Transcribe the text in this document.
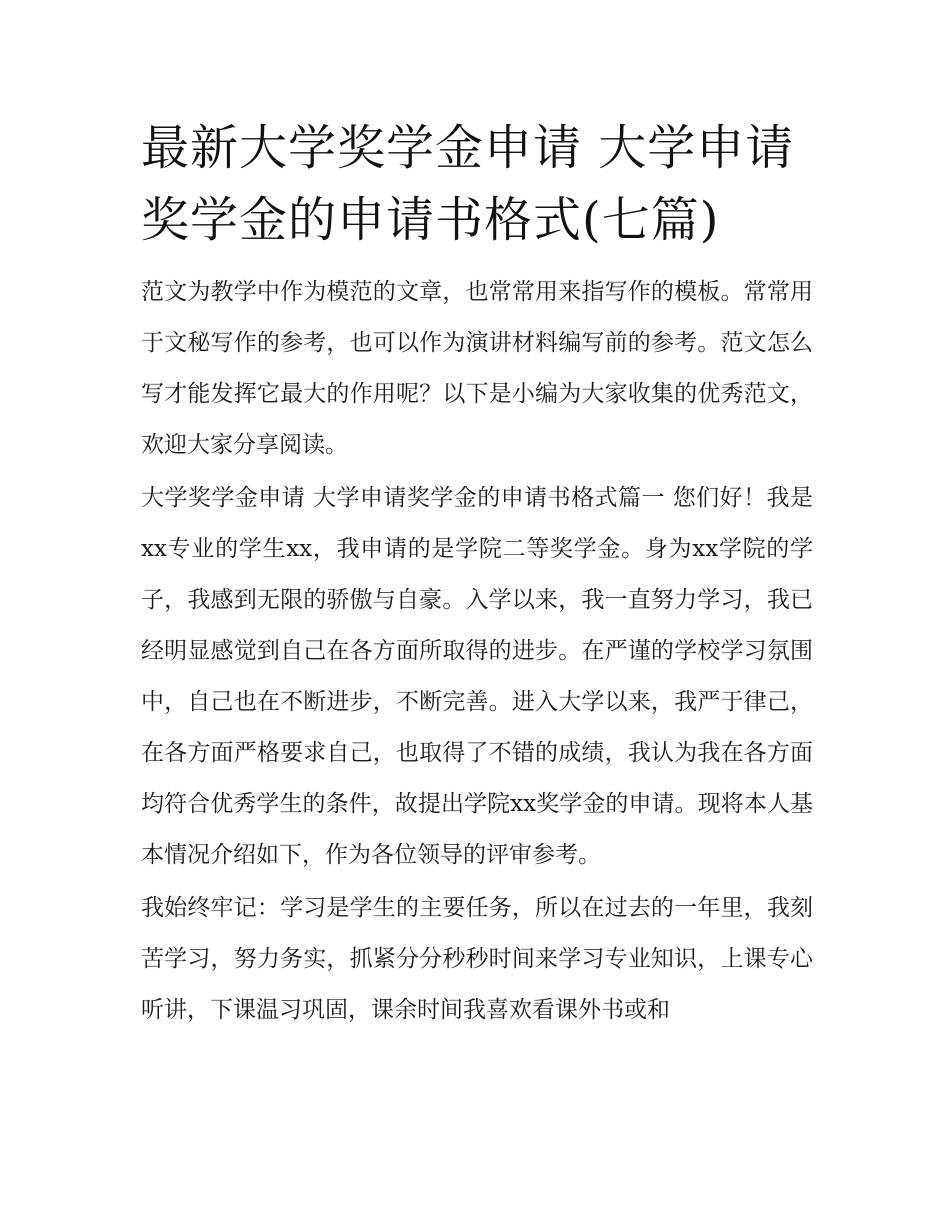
最新大学奖学金申请 大学申请奖学金的申请书格式(七篇)

范文为教学中作为模范的文章，也常常用来指写作的模板。常常用于文秘写作的参考，也可以作为演讲材料编写前的参考。范文怎么写才能发挥它最大的作用呢？以下是小编为大家收集的优秀范文，欢迎大家分享阅读。

大学奖学金申请 大学申请奖学金的申请书格式篇一 您们好！我是xx专业的学生xx，我申请的是学院二等奖学金。身为xx学院的学子，我感到无限的骄傲与自豪。入学以来，我一直努力学习，我已经明显感觉到自己在各方面所取得的进步。在严谨的学校学习氛围中，自己也在不断进步，不断完善。进入大学以来，我严于律己，在各方面严格要求自己，也取得了不错的成绩，我认为我在各方面均符合优秀学生的条件，故提出学院xx奖学金的申请。现将本人基本情况介绍如下，作为各位领导的评审参考。

我始终牢记：学习是学生的主要任务，所以在过去的一年里，我刻苦学习，努力务实，抓紧分分秒秒时间来学习专业知识，上课专心听讲，下课温习巩固，课余时间我喜欢看课外书或和
